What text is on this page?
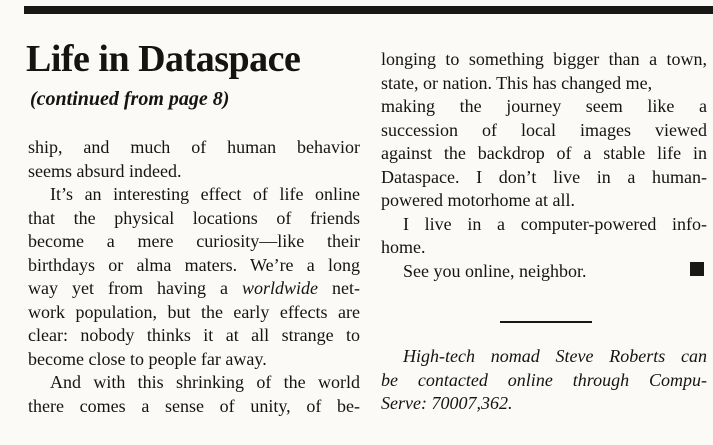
Life in Dataspace
(continued from page 8)
ship, and much of human behavior
seems absurd indeed.
It’s an interesting effect of life online
that the physical locations of friends
become a mere curiosity—like their
birthdays or alma maters. We’re a long
way yet from having a worldwide net-
work population, but the early effects are
clear: nobody thinks it at all strange to
become close to people far away.
And with this shrinking of the world
there comes a sense of unity, of be-
longing to something bigger than a town,
state, or nation. This has changed me,
making the journey seem like a
succession of local images viewed
against the backdrop of a stable life in
Dataspace. I don’t live in a human-
powered motorhome at all.
I live in a computer-powered info-
home.
See you online, neighbor.
High-tech nomad Steve Roberts can
be contacted online through Compu-
Serve: 70007,362.
